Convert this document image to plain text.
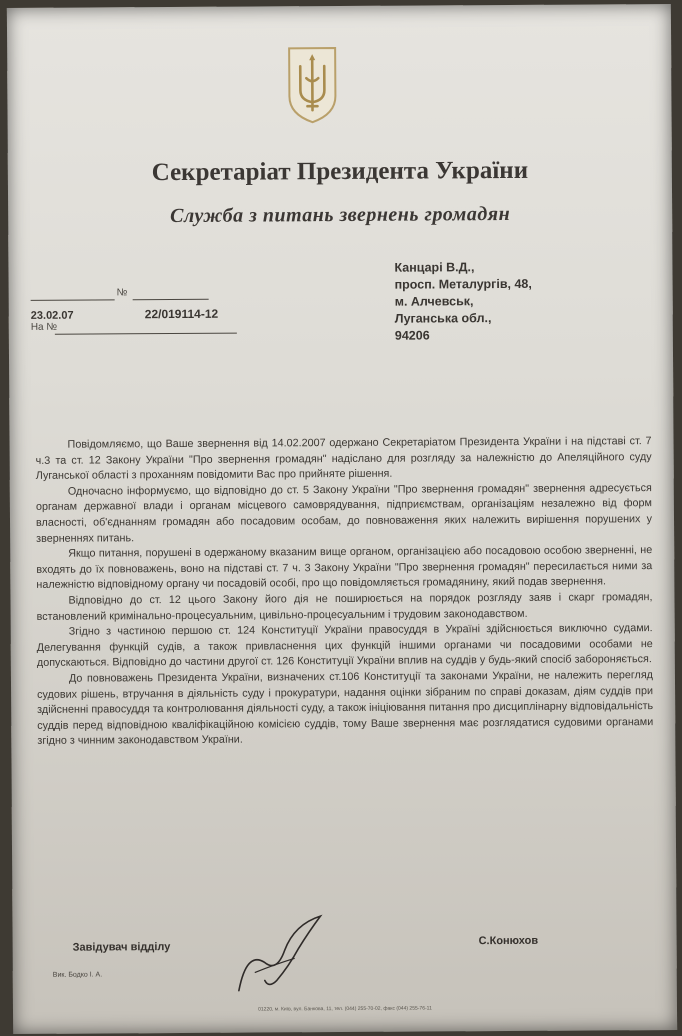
Секретаріат Президента України
Служба з питань звернень громадян
Канцарі В.Д.,
просп. Металургів, 48,
м. Алчевськ,
Луганська обл.,
94206
№
23.02.07	22/019114-12
На №

Повідомляємо, що Ваше звернення від 14.02.2007 одержано Секретаріатом Президента України і на підставі ст. 7 ч.3 та ст. 12 Закону України "Про звернення громадян" надіслано для розгляду за належністю до Апеляційного суду Луганської області з проханням повідомити Вас про прийняте рішення.

Одночасно інформуємо, що відповідно до ст. 5 Закону України "Про звернення громадян" звернення адресується органам державної влади і органам місцевого самоврядування, підприємствам, організаціям незалежно від форм власності, об'єднанням громадян або посадовим особам, до повноваження яких належить вирішення порушених у зверненнях питань.

Якщо питання, порушені в одержаному вказаним вище органом, організацією або посадовою особою зверненні, не входять до їх повноважень, воно на підставі ст. 7 ч. 3 Закону України "Про звернення громадян" пересилається ними за належністю відповідному органу чи посадовій особі, про що повідомляється громадянину, який подав звернення.

Відповідно до ст. 12 цього Закону його дія не поширюється на порядок розгляду заяв і скарг громадян, встановлений кримінально-процесуальним, цивільно-процесуальним і трудовим законодавством.

Згідно з частиною першою ст. 124 Конституції України правосуддя в Україні здійснюється виключно судами. Делегування функцій судів, а також привласнення цих функцій іншими органами чи посадовими особами не допускаються. Відповідно до частини другої ст. 126 Конституції України вплив на суддів у будь-який спосіб забороняється.

До повноважень Президента України, визначених ст.106 Конституції та законами України, не належить перегляд судових рішень, втручання в діяльність суду і прокуратури, надання оцінки зібраним по справі доказам, діям суддів при здійсненні правосуддя та контролювання діяльності суду, а також ініціювання питання про дисциплінарну відповідальність суддів перед відповідною кваліфікаційною комісією суддів, тому Ваше звернення має розглядатися судовими органами згідно з чинним законодавством України.

Завідувач відділу
С.Конюхов
Вик. Бодко І. А.
01220, м. Київ, вул. Банкова, 11, тел. (044) 255-70-02, факс (044) 255-76-11
